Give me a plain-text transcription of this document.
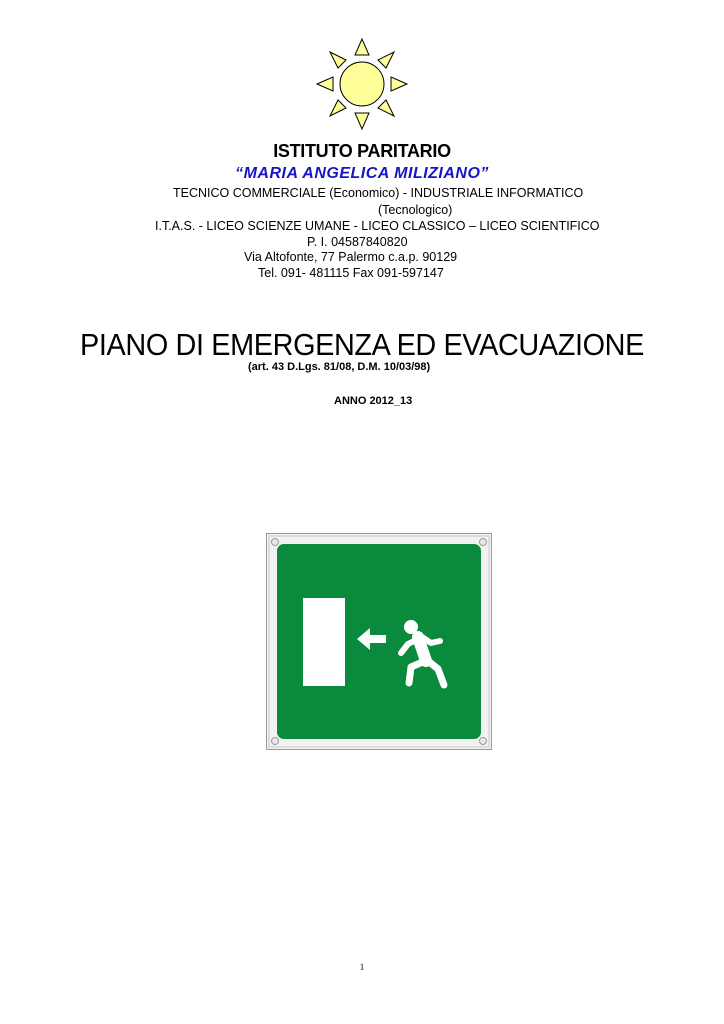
ISTITUTO PARITARIO
“MARIA ANGELICA MILIZIANO”
TECNICO COMMERCIALE (Economico) - INDUSTRIALE INFORMATICO
(Tecnologico)
I.T.A.S. - LICEO SCIENZE UMANE - LICEO CLASSICO – LICEO SCIENTIFICO
P. I. 04587840820
Via Altofonte, 77 Palermo c.a.p. 90129
Tel. 091- 481115 Fax 091-597147
PIANO DI EMERGENZA ED EVACUAZIONE
(art. 43 D.Lgs. 81/08, D.M. 10/03/98)
ANNO 2012_13
1
